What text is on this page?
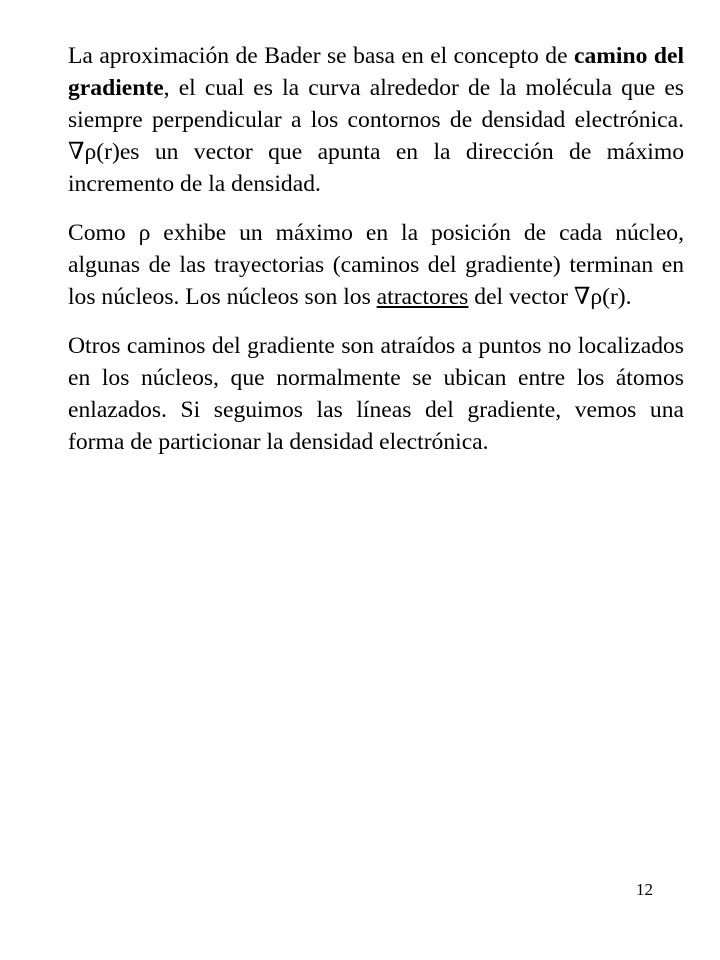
La aproximación de Bader se basa en el concepto de camino del gradiente, el cual es la curva alrededor de la molécula que es siempre perpendicular a los contornos de densidad electrónica. ∇ρ(r)es un vector que apunta en la dirección de máximo incremento de la densidad.

Como ρ exhibe un máximo en la posición de cada núcleo, algunas de las trayectorias (caminos del gradiente) terminan en los núcleos. Los núcleos son los atractores del vector ∇ρ(r).

Otros caminos del gradiente son atraídos a puntos no localizados en los núcleos, que normalmente se ubican entre los átomos enlazados. Si seguimos las líneas del gradiente, vemos una forma de particionar la densidad electrónica.

12
